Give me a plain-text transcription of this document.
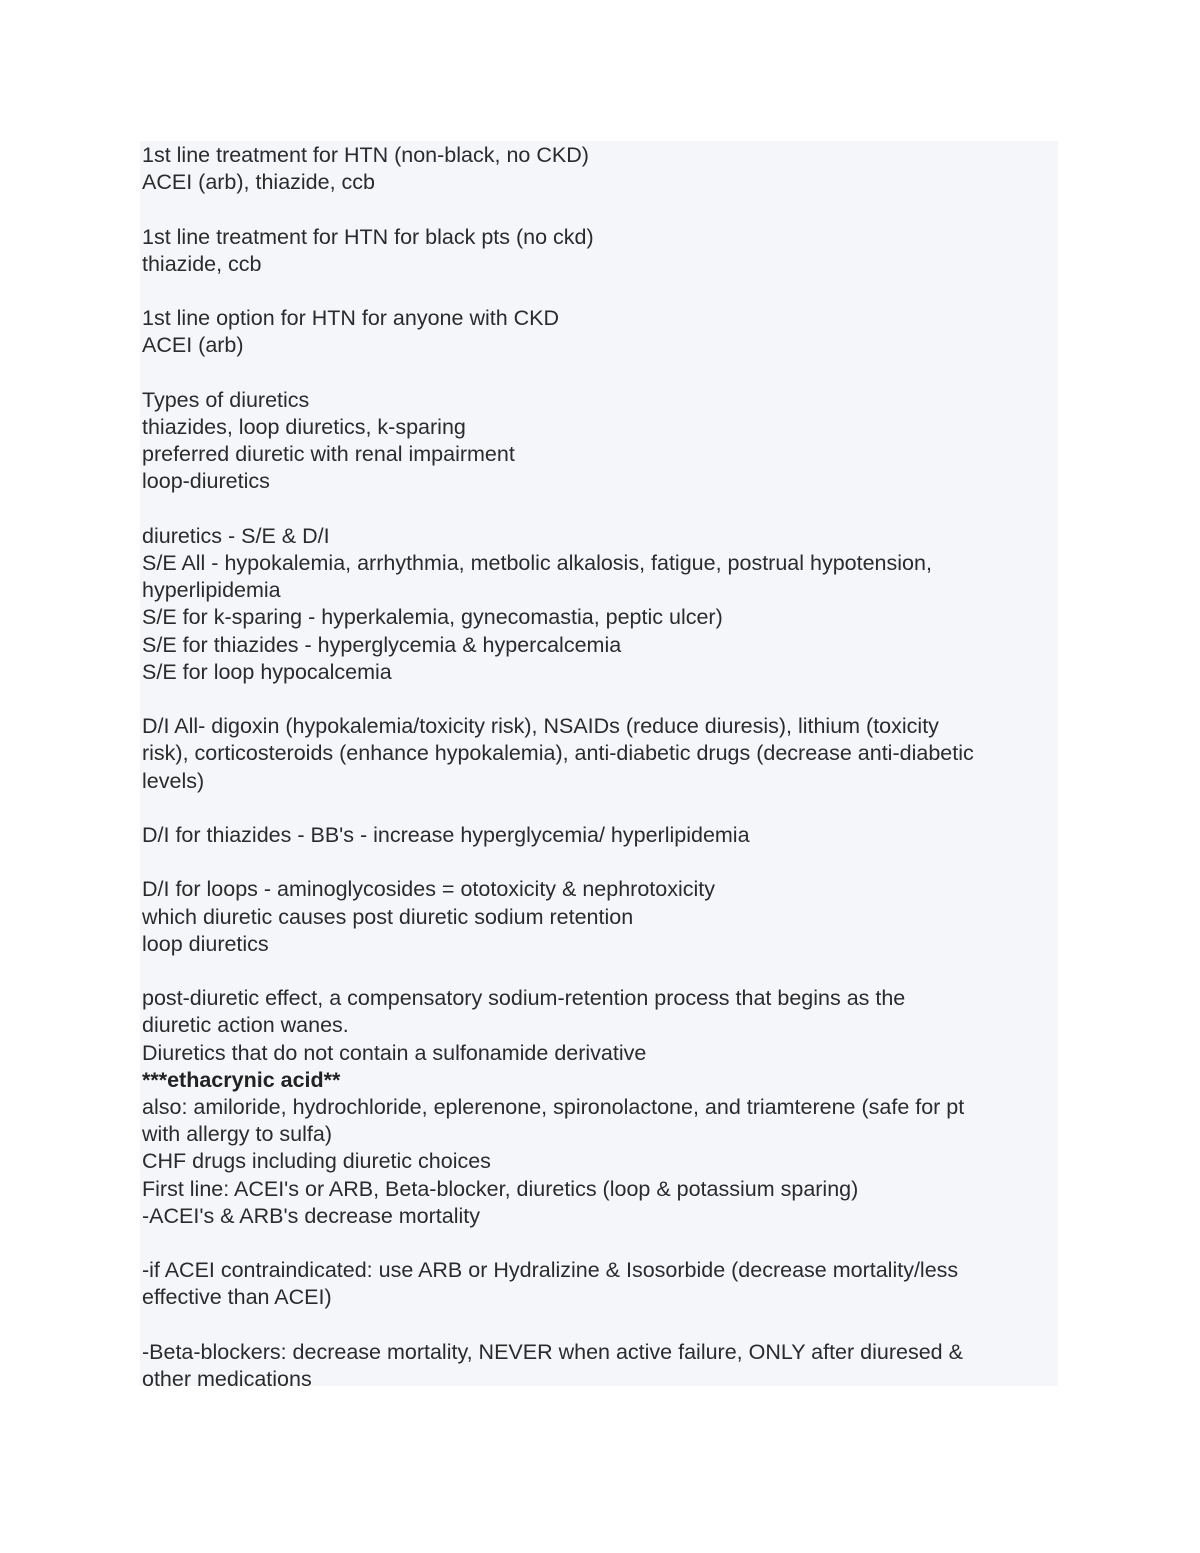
1st line treatment for HTN (non-black, no CKD)
ACEI (arb), thiazide, ccb
1st line treatment for HTN for black pts (no ckd)
thiazide, ccb
1st line option for HTN for anyone with CKD
ACEI (arb)
Types of diuretics
thiazides, loop diuretics, k-sparing
preferred diuretic with renal impairment
loop-diuretics
diuretics - S/E & D/I
S/E All - hypokalemia, arrhythmia, metbolic alkalosis, fatigue, postrual hypotension,
hyperlipidemia
S/E for k-sparing - hyperkalemia, gynecomastia, peptic ulcer)
S/E for thiazides - hyperglycemia & hypercalcemia
S/E for loop hypocalcemia
D/I All- digoxin (hypokalemia/toxicity risk), NSAIDs (reduce diuresis), lithium (toxicity
risk), corticosteroids (enhance hypokalemia), anti-diabetic drugs (decrease anti-diabetic
levels)
D/I for thiazides - BB's - increase hyperglycemia/ hyperlipidemia
D/I for loops - aminoglycosides = ototoxicity & nephrotoxicity
which diuretic causes post diuretic sodium retention
loop diuretics
post-diuretic effect, a compensatory sodium-retention process that begins as the
diuretic action wanes.
Diuretics that do not contain a sulfonamide derivative
***ethacrynic acid**
also: amiloride, hydrochloride, eplerenone, spironolactone, and triamterene (safe for pt
with allergy to sulfa)
CHF drugs including diuretic choices
First line: ACEI's or ARB, Beta-blocker, diuretics (loop & potassium sparing)
-ACEI's & ARB's decrease mortality
-if ACEI contraindicated: use ARB or Hydralizine & Isosorbide (decrease mortality/less
effective than ACEI)
-Beta-blockers: decrease mortality, NEVER when active failure, ONLY after diuresed &
other medications
